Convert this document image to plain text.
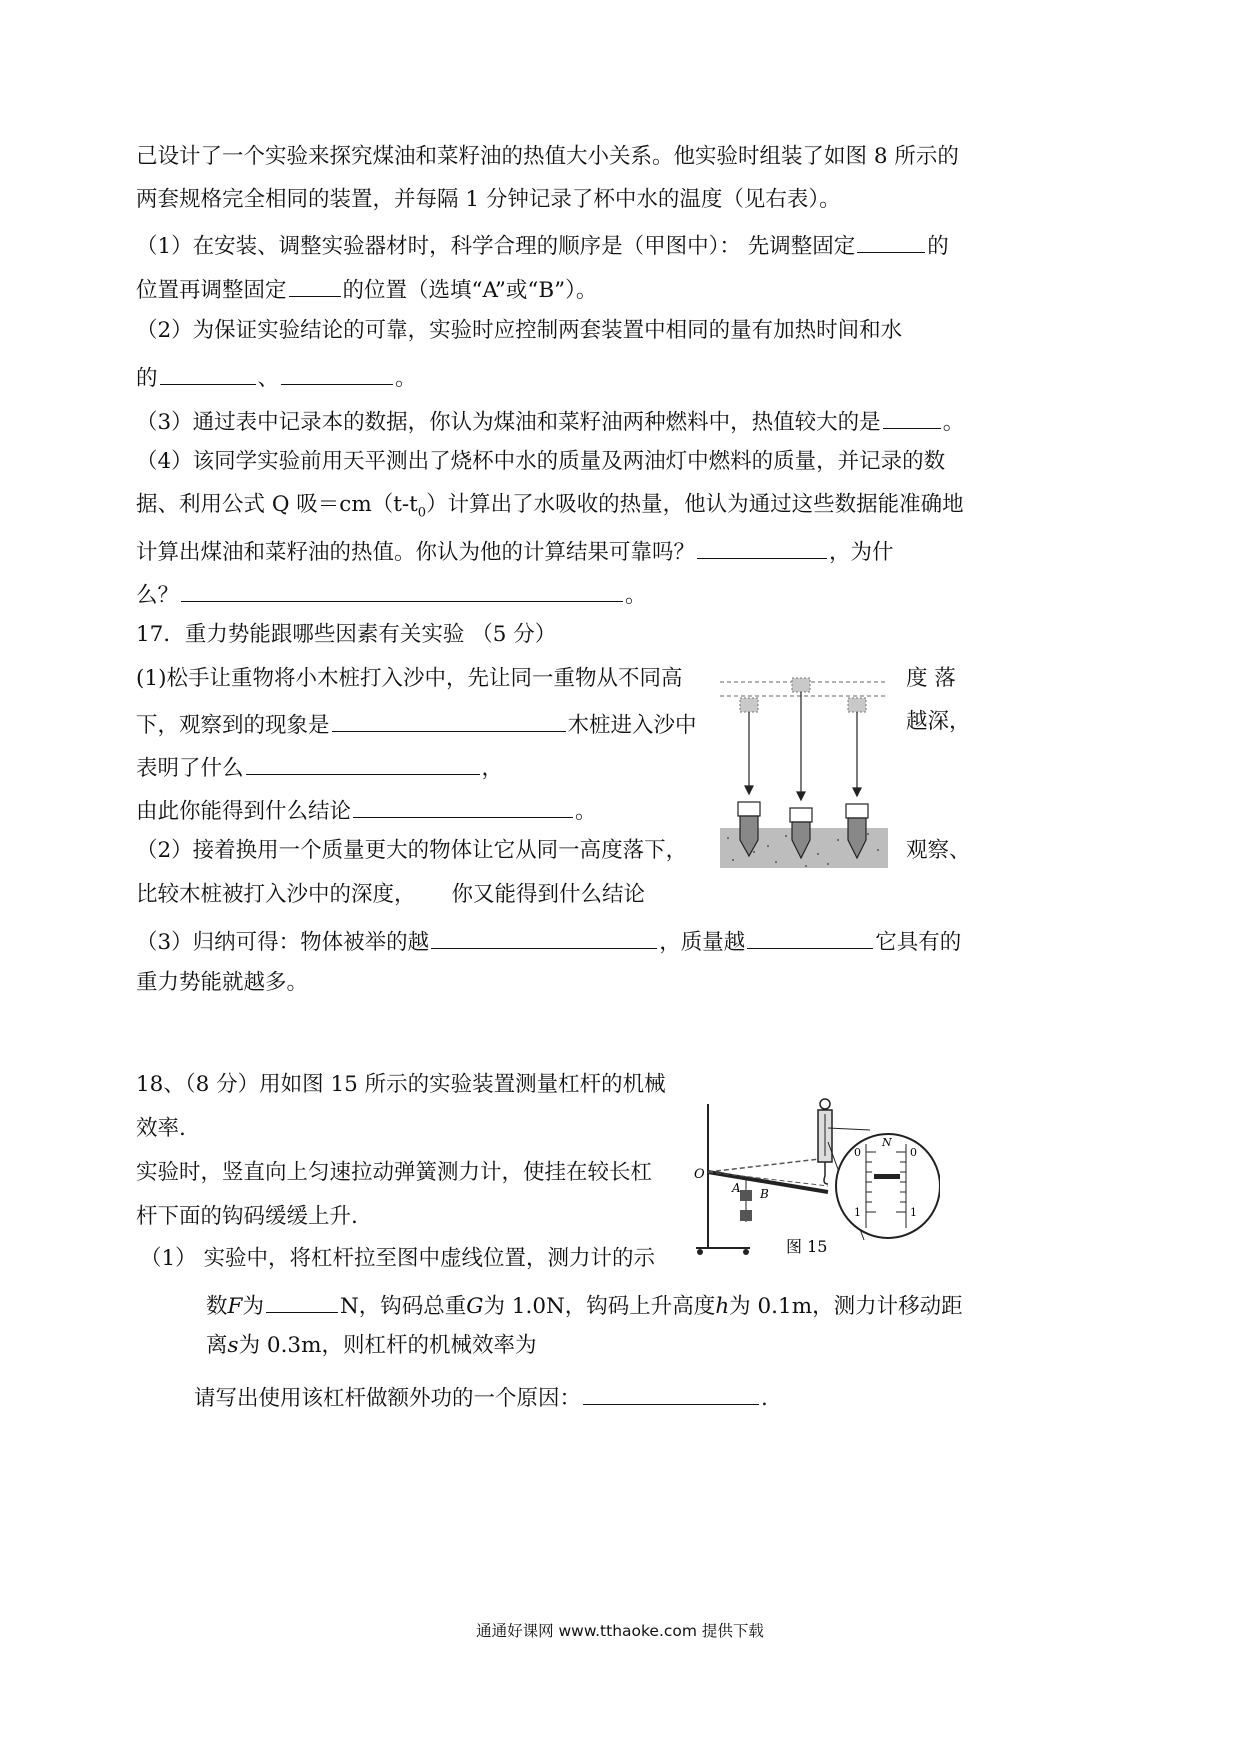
己设计了一个实验来探究煤油和菜籽油的热值大小关系。他实验时组装了如图 8 所示的
两套规格完全相同的装置，并每隔 1 分钟记录了杯中水的温度（见右表）。
（1）在安装、调整实验器材时，科学合理的顺序是（甲图中）： 先调整固定	的
位置再调整固定	的位置（选填“A”或“B”）。
（2）为保证实验结论的可靠，实验时应控制两套装置中相同的量有加热时间和水
的	、	。
（3）通过表中记录本的数据，你认为煤油和菜籽油两种燃料中，热值较大的是	。
（4）该同学实验前用天平测出了烧杯中水的质量及两油灯中燃料的质量，并记录的数
据、利用公式 Q 吸$=cm(t-t_0)$计算出了水吸收的热量，他认为通过这些数据能准确地
计算出煤油和菜籽油的热值。你认为他的计算结果可靠吗？	，为什
么？	。
17．重力势能跟哪些因素有关实验 （5 分）
(1)松手让重物将小木桩打入沙中，先让同一重物从不同高	度 落
下，观察到的现象是	木桩进入沙中	越深，
表明了什么	，
由此你能得到什么结论	。
（2）接着换用一个质量更大的物体让它从同一高度落下，	观察、
比较木桩被打入沙中的深度， 你又能得到什么结论
（3）归纳可得：物体被举的越	，质量越	它具有的
重力势能就越多。
18、（8 分）用如图 15 所示的实验装置测量杠杆的机械
效率.
实验时，竖直向上匀速拉动弹簧测力计，使挂在较长杠
杆下面的钩码缓缓上升.
（1） 实验中，将杠杆拉至图中虚线位置，测力计的示
数F为	N，钩码总重G为 1.0N，钩码上升高度h为 0.1m，测力计移动距
离s为 0.3m，则杠杆的机械效率为
请写出使用该杠杆做额外功的一个原因：	.
O
A B
N
0	0
1	1
图 15
通通好课网 www.tthaoke.com 提供下载
